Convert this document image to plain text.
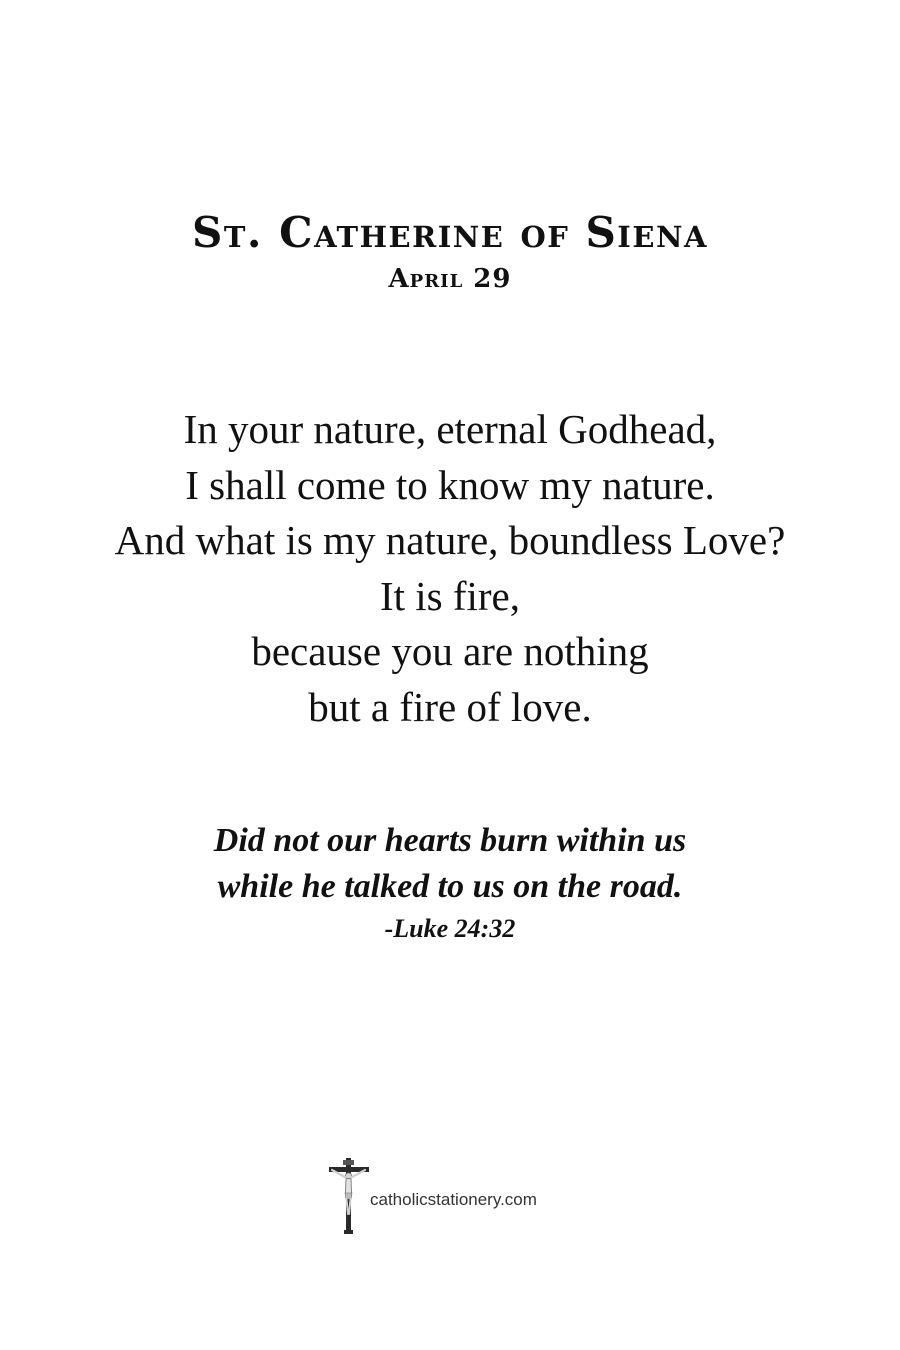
St. Catherine of Siena
April 29
In your nature, eternal Godhead,
I shall come to know my nature.
And what is my nature, boundless Love?
It is fire,
because you are nothing
but a fire of love.
Did not our hearts burn within us
while he talked to us on the road.
-Luke 24:32
catholicstationery.com
